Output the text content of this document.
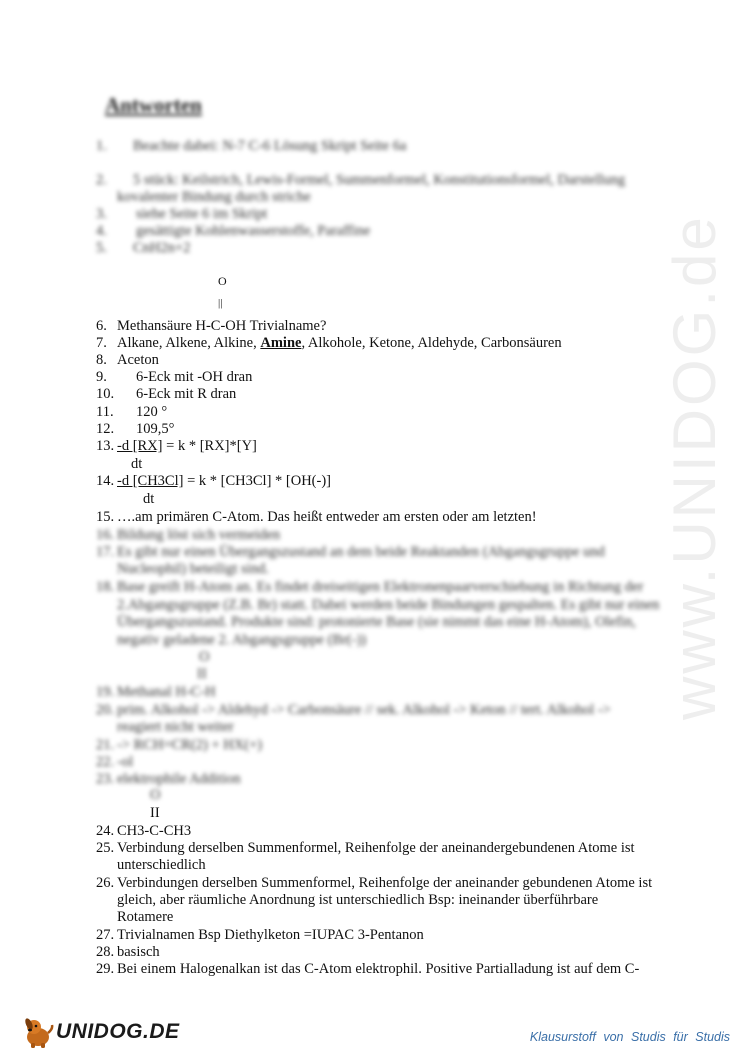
www.UNIDOG.de
Antworten
1. Beachte dabei: N-7 C-6 Lösung Skript Seite 6a
2. 5 stück: Keilstrich, Lewis-Formel, Summenformel, Konstitutionsformel, Darstellung
kovalenter Bindung durch striche
3. siehe Seite 6 im Skript
4. gesättigte Kohlenwasserstoffe, Paraffine
5. CnH2n+2
O
||
6. Methansäure H-C-OH Trivialname?
7. Alkane, Alkene, Alkine, Amine, Alkohole, Ketone, Aldehyde, Carbonsäuren
8. Aceton
9. 6-Eck mit -OH dran
10. 6-Eck mit R dran
11. 120 °
12. 109,5°
13. -d [RX] = k * [RX]*[Y]
dt
14. -d [CH3Cl] = k * [CH3Cl] * [OH(-)]
dt
15. ….am primären C-Atom. Das heißt entweder am ersten oder am letzten!
16. Bildung löst sich vermeiden
17. Es gibt nur einen Übergangszustand an dem beide Reaktanden (Abgangsgruppe und
Nucleophil) beteiligt sind.
18. Base greift H-Atom an. Es findet dreiseitigen Elektronenpaarverschiebung in Richtung der
2.Abgangsgruppe (Z.B. Br) statt. Dabei werden beide Bindungen gespalten. Es gibt nur einen
Übergangszustand. Produkte sind: protonierte Base (sie nimmt das eine H-Atom), Olefin,
negativ geladene 2. Abgangsgruppe (Br(-))
O
II
19. Methanal H-C-H
20. prim. Alkohol -> Aldehyd -> Carbonsäure // sek. Alkohol -> Keton // tert. Alkohol ->
reagiert nicht weiter
21. -> RCH=CR(2) + HX(+)
22. -ol
23. elektrophile Addition
O
II
24. CH3-C-CH3
25. Verbindung derselben Summenformel, Reihenfolge der aneinandergebundenen Atome ist
unterschiedlich
26. Verbindungen derselben Summenformel, Reihenfolge der aneinander gebundenen Atome ist
gleich, aber räumliche Anordnung ist unterschiedlich Bsp: ineinander überführbare
Rotamere
27. Trivialnamen Bsp Diethylketon =IUPAC 3-Pentanon
28. basisch
29. Bei einem Halogenalkan ist das C-Atom elektrophil. Positive Partialladung ist auf dem C-
UNIDOG.DE	Klausurstoff von Studis für Studis
